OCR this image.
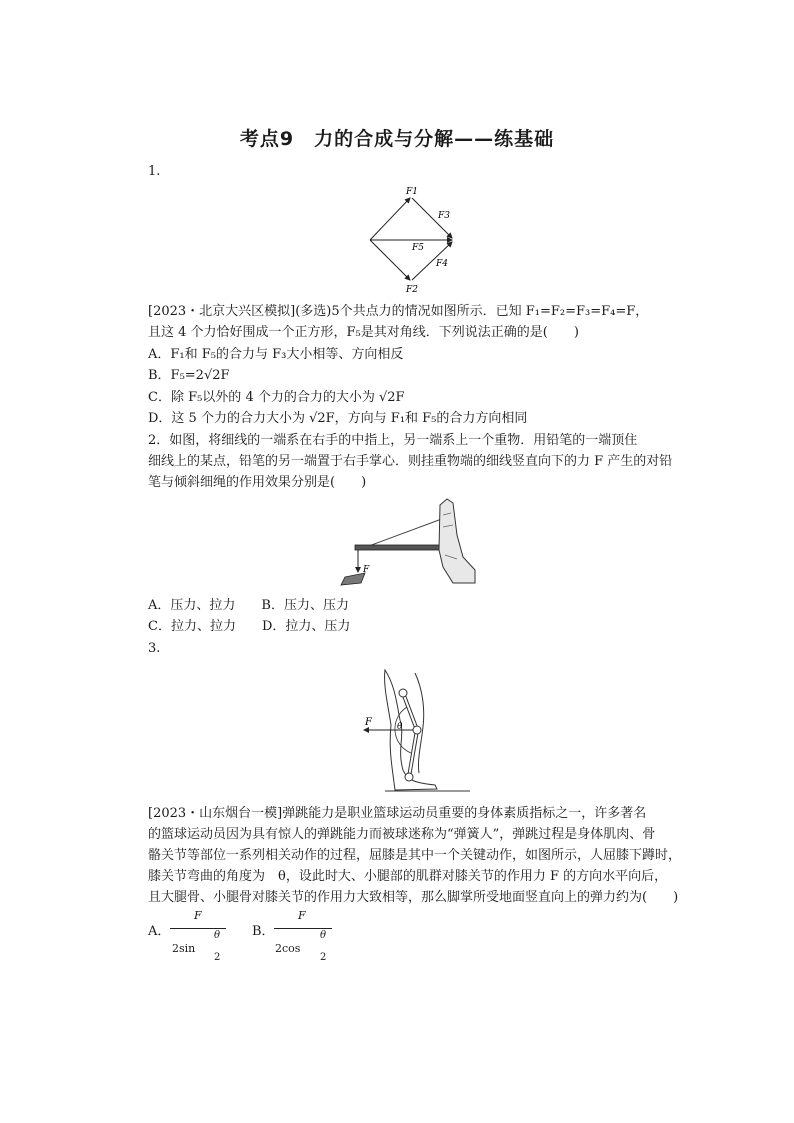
考点9　力的合成与分解——练基础
1.
F1
F3
F5
F4
F2
[2023・北京大兴区模拟](多选)5个共点力的情况如图所示．已知 F₁=F₂=F₃=F₄=F，
且这 4 个力恰好围成一个正方形，F₅是其对角线．下列说法正确的是(　　)
A．F₁和 F₅的合力与 F₃大小相等、方向相反
B．F₅=2√2F
C．除 F₅以外的 4 个力的合力的大小为 √2F
D．这 5 个力的合力大小为 √2F，方向与 F₁和 F₅的合力方向相同
2．如图，将细线的一端系在右手的中指上，另一端系上一个重物．用铅笔的一端顶住
细线上的某点，铅笔的另一端置于右手掌心．则挂重物端的细线竖直向下的力 F 产生的对铅
笔与倾斜细绳的作用效果分别是(　　)
F
A．压力、拉力　　B．压力、压力
C．拉力、拉力　　D．拉力、压力
3.
F	θ
[2023・山东烟台一模]弹跳能力是职业篮球运动员重要的身体素质指标之一，许多著名
的篮球运动员因为具有惊人的弹跳能力而被球迷称为“弹簧人”，弹跳过程是身体肌肉、骨
骼关节等部位一系列相关动作的过程，屈膝是其中一个关键动作，如图所示，人屈膝下蹲时，
膝关节弯曲的角度为　θ，设此时大、小腿部的肌群对膝关节的作用力 F 的方向水平向后，
且大腿骨、小腿骨对膝关节的作用力大致相等，那么脚掌所受地面竖直向上的弹力约为(　　)
A．
F
2sin
θ
2
B．
F
2cos
θ
2
